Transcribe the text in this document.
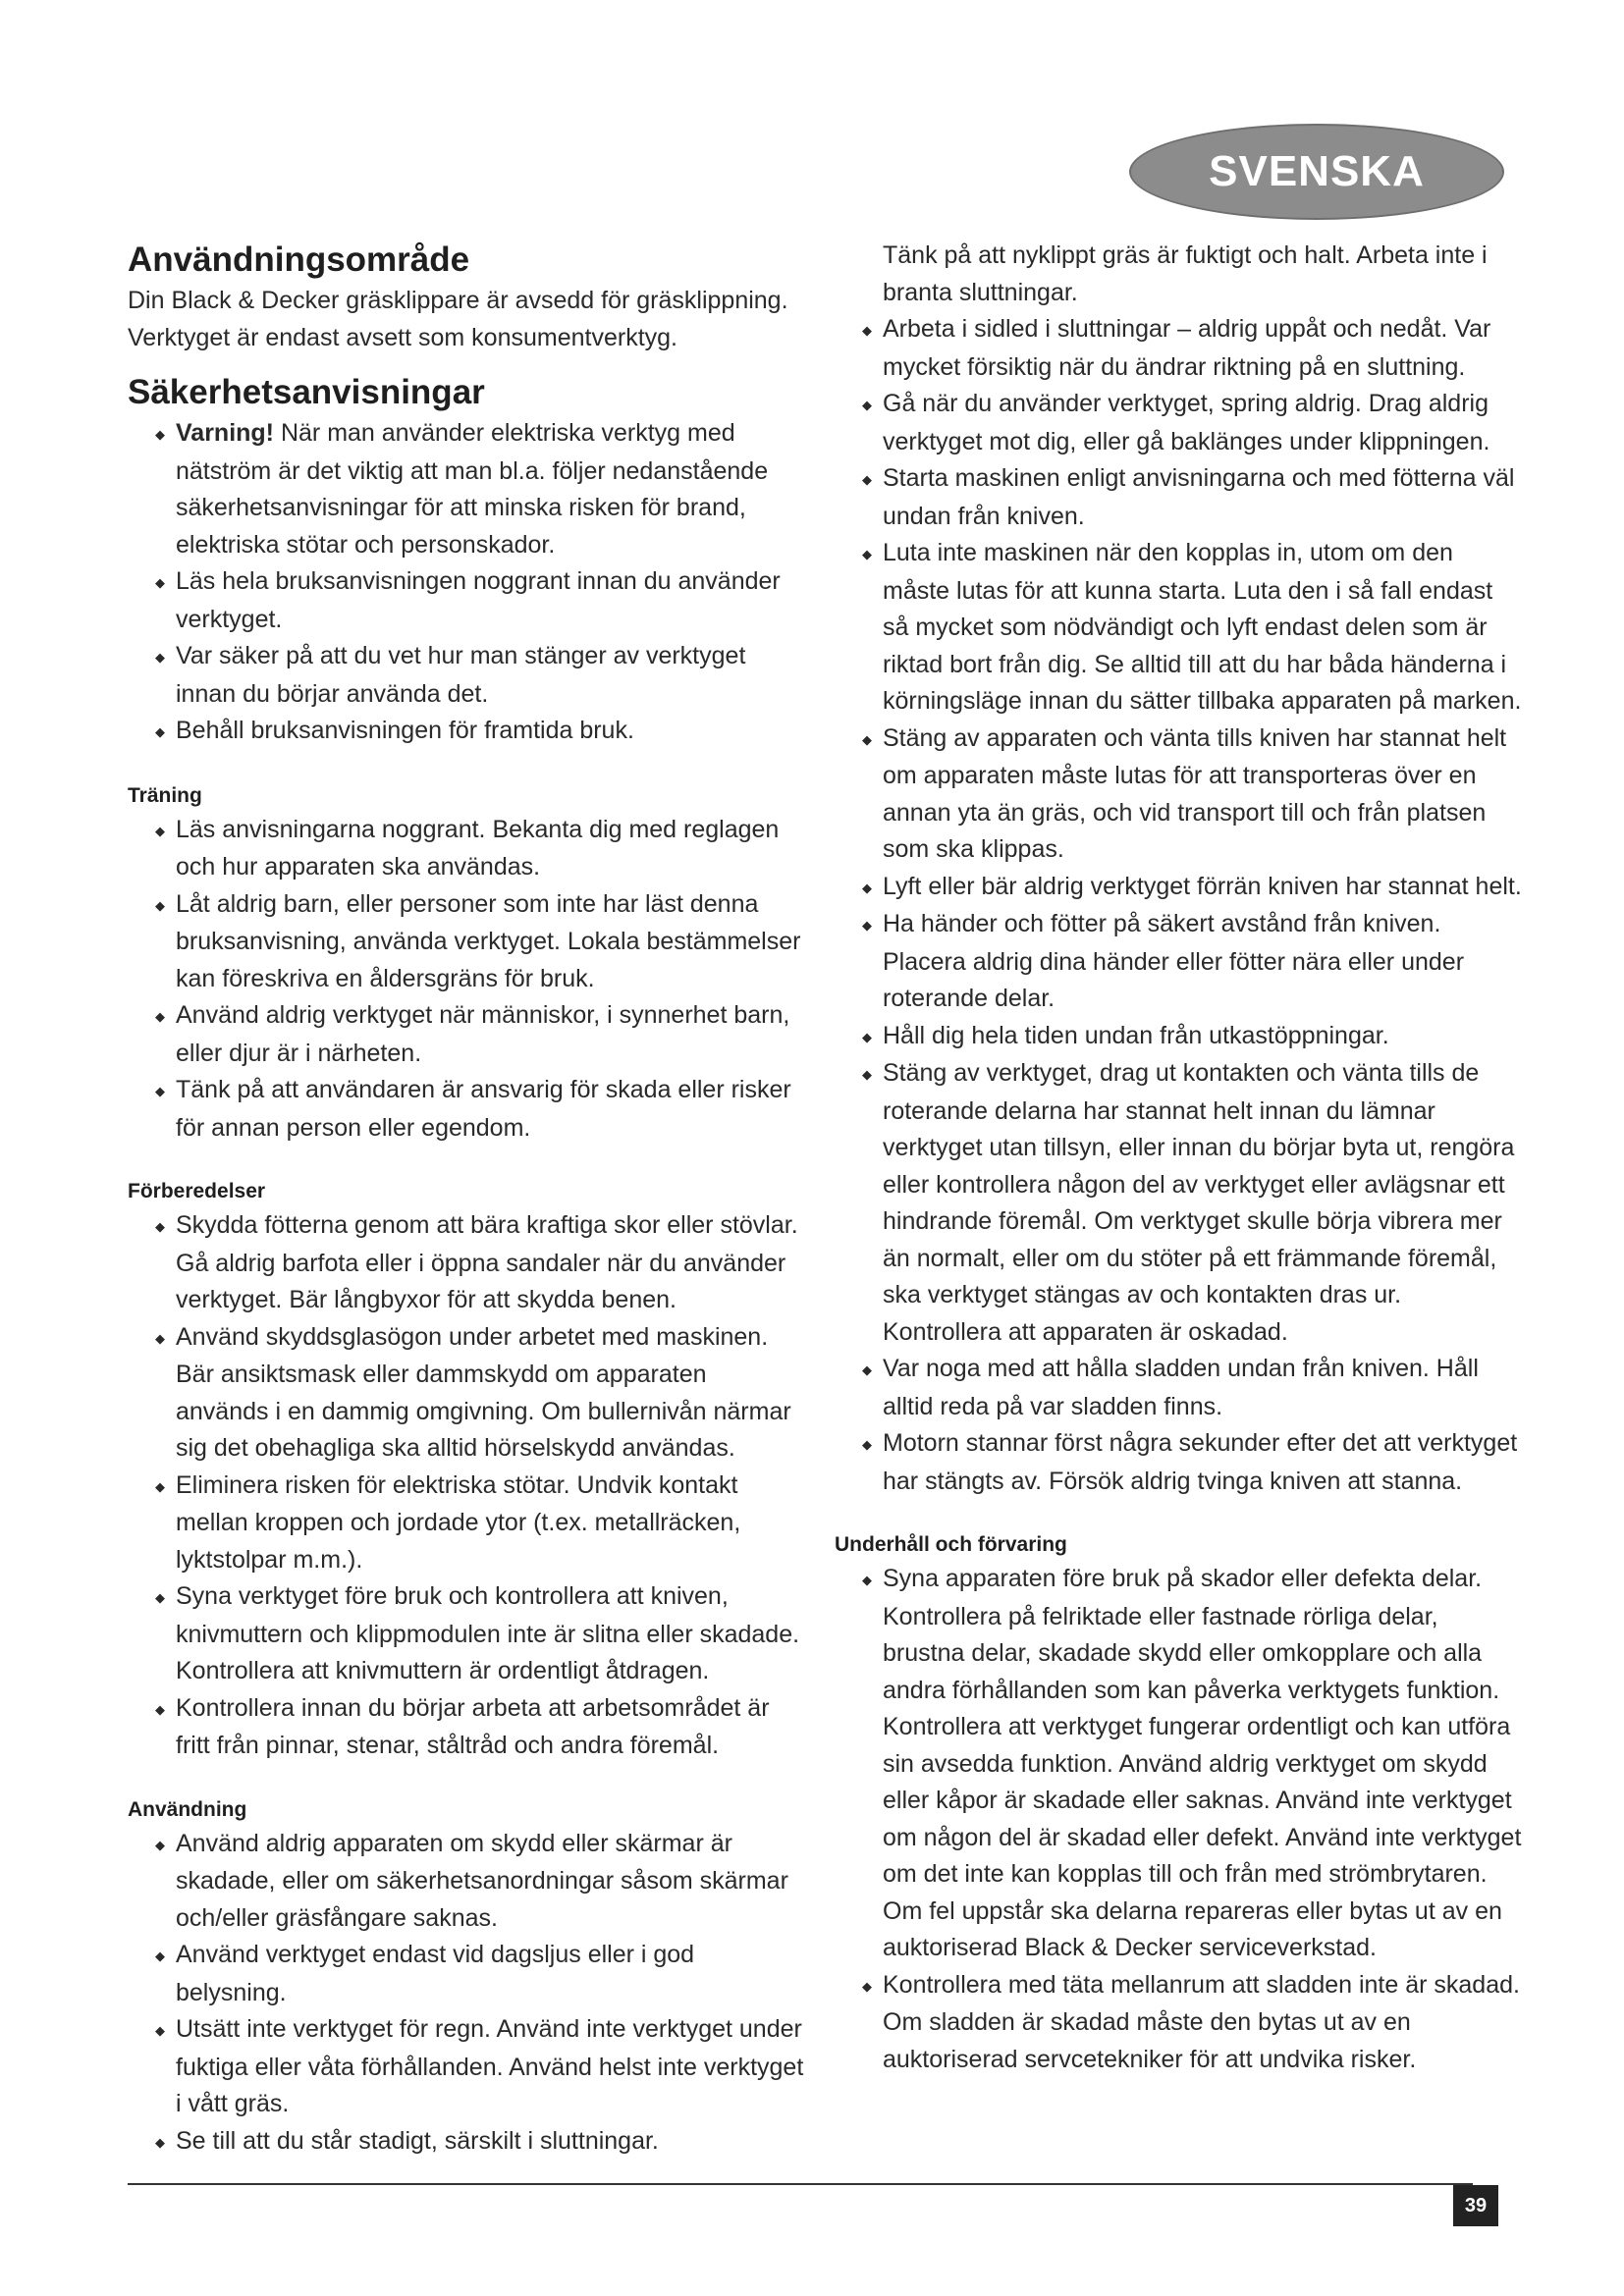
SVENSKA
Användningsområde

Din Black & Decker gräsklippare är avsedd för gräsklippning.

Verktyget är endast avsett som konsumentverktyg.

Säkerhetsanvisningar
◆ Varning! När man använder elektriska verktyg med nätström är det viktig att man bl.a. följer nedanstående säkerhetsanvisningar för att minska risken för brand, elektriska stötar och personskador.
◆ Läs hela bruksanvisningen noggrant innan du använder verktyget.
◆ Var säker på att du vet hur man stänger av verktyget innan du börjar använda det.
◆ Behåll bruksanvisningen för framtida bruk.
Träning
◆ Läs anvisningarna noggrant. Bekanta dig med reglagen och hur apparaten ska användas.
◆ Låt aldrig barn, eller personer som inte har läst denna bruksanvisning, använda verktyget. Lokala bestämmelser kan föreskriva en åldersgräns för bruk.
◆ Använd aldrig verktyget när människor, i synnerhet barn, eller djur är i närheten.
◆ Tänk på att användaren är ansvarig för skada eller risker för annan person eller egendom.
Förberedelser
◆ Skydda fötterna genom att bära kraftiga skor eller stövlar. Gå aldrig barfota eller i öppna sandaler när du använder verktyget. Bär långbyxor för att skydda benen.
◆ Använd skyddsglasögon under arbetet med maskinen. Bär ansiktsmask eller dammskydd om apparaten används i en dammig omgivning. Om bullernivån närmar sig det obehagliga ska alltid hörselskydd användas.
◆ Eliminera risken för elektriska stötar. Undvik kontakt mellan kroppen och jordade ytor (t.ex. metallräcken, lyktstolpar m.m.).
◆ Syna verktyget före bruk och kontrollera att kniven, knivmuttern och klippmodulen inte är slitna eller skadade. Kontrollera att knivmuttern är ordentligt åtdragen.
◆ Kontrollera innan du börjar arbeta att arbetsområdet är fritt från pinnar, stenar, ståltråd och andra föremål.
Användning
◆ Använd aldrig apparaten om skydd eller skärmar är skadade, eller om säkerhetsanordningar såsom skärmar och/eller gräsfångare saknas.
◆ Använd verktyget endast vid dagsljus eller i god belysning.
◆ Utsätt inte verktyget för regn. Använd inte verktyget under fuktiga eller våta förhållanden. Använd helst inte verktyget i vått gräs.
◆ Se till att du står stadigt, särskilt i sluttningar.

Tänk på att nyklippt gräs är fuktigt och halt. Arbeta inte i branta sluttningar.

◆ Arbeta i sidled i sluttningar – aldrig uppåt och nedåt. Var mycket försiktig när du ändrar riktning på en sluttning.
◆ Gå när du använder verktyget, spring aldrig. Drag aldrig verktyget mot dig, eller gå baklänges under klippningen.
◆ Starta maskinen enligt anvisningarna och med fötterna väl undan från kniven.
◆ Luta inte maskinen när den kopplas in, utom om den måste lutas för att kunna starta. Luta den i så fall endast så mycket som nödvändigt och lyft endast delen som är riktad bort från dig. Se alltid till att du har båda händerna i körningsläge innan du sätter tillbaka apparaten på marken.
◆ Stäng av apparaten och vänta tills kniven har stannat helt om apparaten måste lutas för att transporteras över en annan yta än gräs, och vid transport till och från platsen som ska klippas.
◆ Lyft eller bär aldrig verktyget förrän kniven har stannat helt.
◆ Ha händer och fötter på säkert avstånd från kniven. Placera aldrig dina händer eller fötter nära eller under roterande delar.
◆ Håll dig hela tiden undan från utkastöppningar.
◆ Stäng av verktyget, drag ut kontakten och vänta tills de roterande delarna har stannat helt innan du lämnar verktyget utan tillsyn, eller innan du börjar byta ut, rengöra eller kontrollera någon del av verktyget eller avlägsnar ett hindrande föremål. Om verktyget skulle börja vibrera mer än normalt, eller om du stöter på ett främmande föremål, ska verktyget stängas av och kontakten dras ur. Kontrollera att apparaten är oskadad.
◆ Var noga med att hålla sladden undan från kniven. Håll alltid reda på var sladden finns.
◆ Motorn stannar först några sekunder efter det att verktyget har stängts av. Försök aldrig tvinga kniven att stanna.
Underhåll och förvaring
◆ Syna apparaten före bruk på skador eller defekta delar. Kontrollera på felriktade eller fastnade rörliga delar, brustna delar, skadade skydd eller omkopplare och alla andra förhållanden som kan påverka verktygets funktion. Kontrollera att verktyget fungerar ordentligt och kan utföra sin avsedda funktion. Använd aldrig verktyget om skydd eller kåpor är skadade eller saknas. Använd inte verktyget om någon del är skadad eller defekt. Använd inte verktyget om det inte kan kopplas till och från med strömbrytaren. Om fel uppstår ska delarna repareras eller bytas ut av en auktoriserad Black & Decker serviceverkstad.
◆ Kontrollera med täta mellanrum att sladden inte är skadad. Om sladden är skadad måste den bytas ut av en auktoriserad servcetekniker för att undvika risker.
39
